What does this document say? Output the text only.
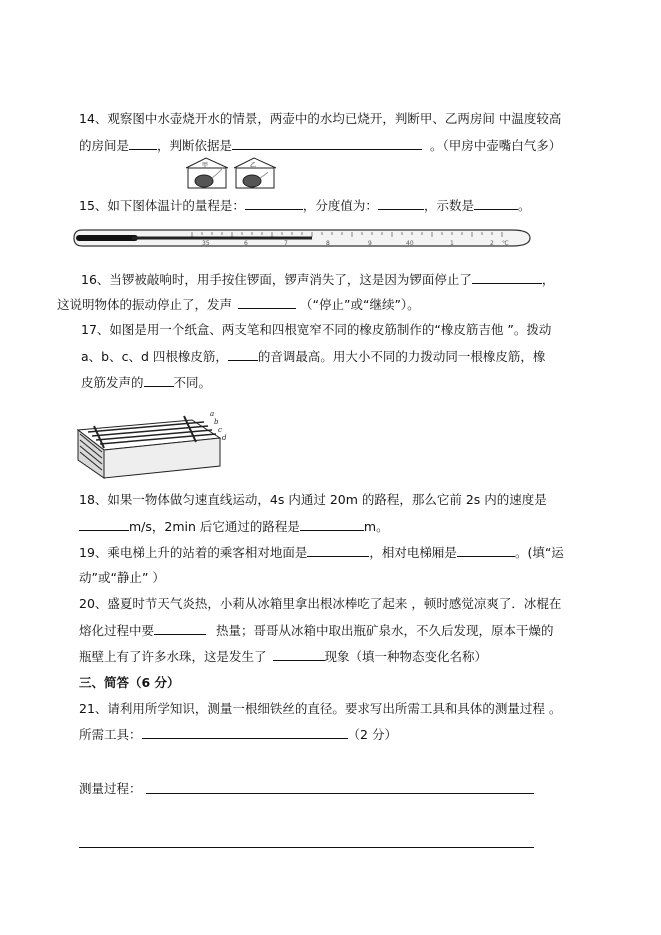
14、观察图中水壶烧开水的情景，两壶中的水均已烧开，判断甲、乙两房间 中温度较高
的房间是 ，判断依据是	。（甲房中壶嘴白气多）
甲	乙
15、如下图体温计的量程是：	，分度值为：	，示数是	。
35	6	7	8	9	40	1	2 ℃
16、当锣被敲响时，用手按住锣面，锣声消失了，这是因为锣面停止了	，
这说明物体的振动停止了，发声	（“停止”或“继续”）。
17、如图是用一个纸盒、两支笔和四根宽窄不同的橡皮筋制作的“橡皮筋吉他 ”。拨动
a、b、c、d 四根橡皮筋， 的音调最高。用大小不同的力拨动同一根橡皮筋，橡
皮筋发声的 不同。
a
b
c
d
18、如果一物体做匀速直线运动，4s 内通过 20m 的路程，那么它前 2s 内的速度是
m/s，2min 后它通过的路程是	m。
19、乘电梯上升的站着的乘客相对地面是	，相对电梯厢是	。(填“运
动”或“静止” ）
20、盛夏时节天气炎热，小莉从冰箱里拿出根冰棒吃了起来 ，顿时感觉凉爽了．冰棍在
熔化过程中要	热量；哥哥从冰箱中取出瓶矿泉水，不久后发现，原本干燥的
瓶壁上有了许多水珠，这是发生了	现象（填一种物态变化名称）
三、简答（6 分）
21、请利用所学知识，测量一根细铁丝的直径。要求写出所需工具和具体的测量过程 。
所需工具：	（2 分）
测量过程：
